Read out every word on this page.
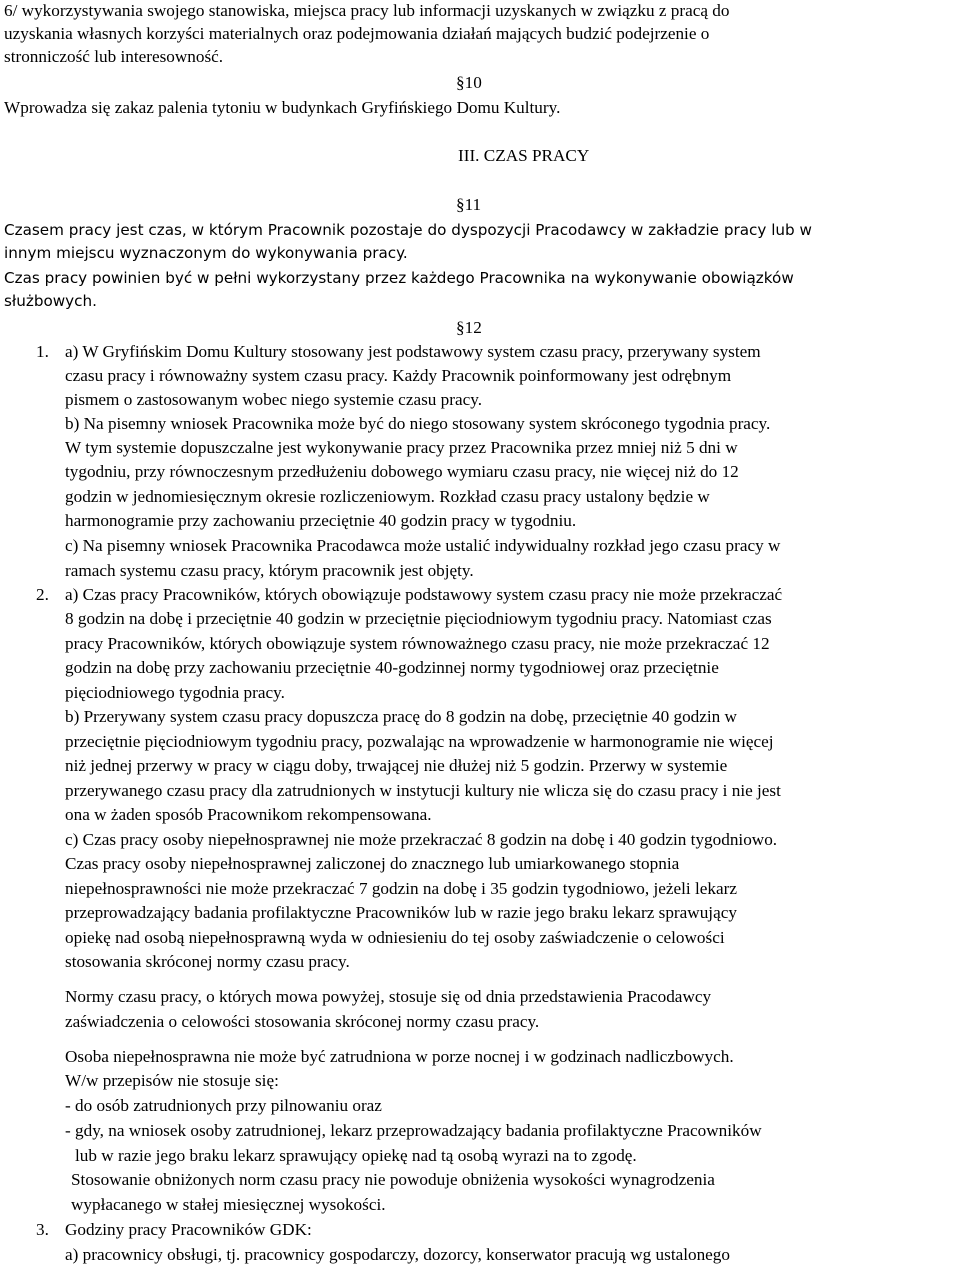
6/ wykorzystywania swojego stanowiska, miejsca pracy lub informacji uzyskanych w związku z pracą do
uzyskania własnych korzyści materialnych oraz podejmowania działań mających budzić podejrzenie o
stronniczość lub interesowność.
§10
Wprowadza się zakaz palenia tytoniu w budynkach Gryfińskiego Domu Kultury.
III. CZAS PRACY
§11
Czasem pracy jest czas, w którym Pracownik pozostaje do dyspozycji Pracodawcy w zakładzie pracy lub w
innym miejscu wyznaczonym do wykonywania pracy.
Czas pracy powinien być w pełni wykorzystany przez każdego Pracownika na wykonywanie obowiązków
służbowych.
§12
1. a) W Gryfińskim Domu Kultury stosowany jest podstawowy system czasu pracy, przerywany system
czasu pracy i równoważny system czasu pracy. Każdy Pracownik poinformowany jest odrębnym
pismem o zastosowanym wobec niego systemie czasu pracy.
b) Na pisemny wniosek Pracownika może być do niego stosowany system skróconego tygodnia pracy.
W tym systemie dopuszczalne jest wykonywanie pracy przez Pracownika przez mniej niż 5 dni w
tygodniu, przy równoczesnym przedłużeniu dobowego wymiaru czasu pracy, nie więcej niż do 12
godzin w jednomiesięcznym okresie rozliczeniowym. Rozkład czasu pracy ustalony będzie w
harmonogramie przy zachowaniu przeciętnie 40 godzin pracy w tygodniu.
c) Na pisemny wniosek Pracownika Pracodawca może ustalić indywidualny rozkład jego czasu pracy w
ramach systemu czasu pracy, którym pracownik jest objęty.
2. a) Czas pracy Pracowników, których obowiązuje podstawowy system czasu pracy nie może przekraczać
8 godzin na dobę i przeciętnie 40 godzin w przeciętnie pięciodniowym tygodniu pracy. Natomiast czas
pracy Pracowników, których obowiązuje system równoważnego czasu pracy, nie może przekraczać 12
godzin na dobę przy zachowaniu przeciętnie 40-godzinnej normy tygodniowej oraz przeciętnie
pięciodniowego tygodnia pracy.
b) Przerywany system czasu pracy dopuszcza pracę do 8 godzin na dobę, przeciętnie 40 godzin w
przeciętnie pięciodniowym tygodniu pracy, pozwalając na wprowadzenie w harmonogramie nie więcej
niż jednej przerwy w pracy w ciągu doby, trwającej nie dłużej niż 5 godzin. Przerwy w systemie
przerywanego czasu pracy dla zatrudnionych w instytucji kultury nie wlicza się do czasu pracy i nie jest
ona w żaden sposób Pracownikom rekompensowana.
c) Czas pracy osoby niepełnosprawnej nie może przekraczać 8 godzin na dobę i 40 godzin tygodniowo.
Czas pracy osoby niepełnosprawnej zaliczonej do znacznego lub umiarkowanego stopnia
niepełnosprawności nie może przekraczać 7 godzin na dobę i 35 godzin tygodniowo, jeżeli lekarz
przeprowadzający badania profilaktyczne Pracowników lub w razie jego braku lekarz sprawujący
opiekę nad osobą niepełnosprawną wyda w odniesieniu do tej osoby zaświadczenie o celowości
stosowania skróconej normy czasu pracy.
Normy czasu pracy, o których mowa powyżej, stosuje się od dnia przedstawienia Pracodawcy
zaświadczenia o celowości stosowania skróconej normy czasu pracy.
Osoba niepełnosprawna nie może być zatrudniona w porze nocnej i w godzinach nadliczbowych.
W/w przepisów nie stosuje się:
- do osób zatrudnionych przy pilnowaniu oraz
- gdy, na wniosek osoby zatrudnionej, lekarz przeprowadzający badania profilaktyczne Pracowników
lub w razie jego braku lekarz sprawujący opiekę nad tą osobą wyrazi na to zgodę.
Stosowanie obniżonych norm czasu pracy nie powoduje obniżenia wysokości wynagrodzenia
wypłacanego w stałej miesięcznej wysokości.
3. Godziny pracy Pracowników GDK:
a) pracownicy obsługi, tj. pracownicy gospodarczy, dozorcy, konserwator pracują wg ustalonego
